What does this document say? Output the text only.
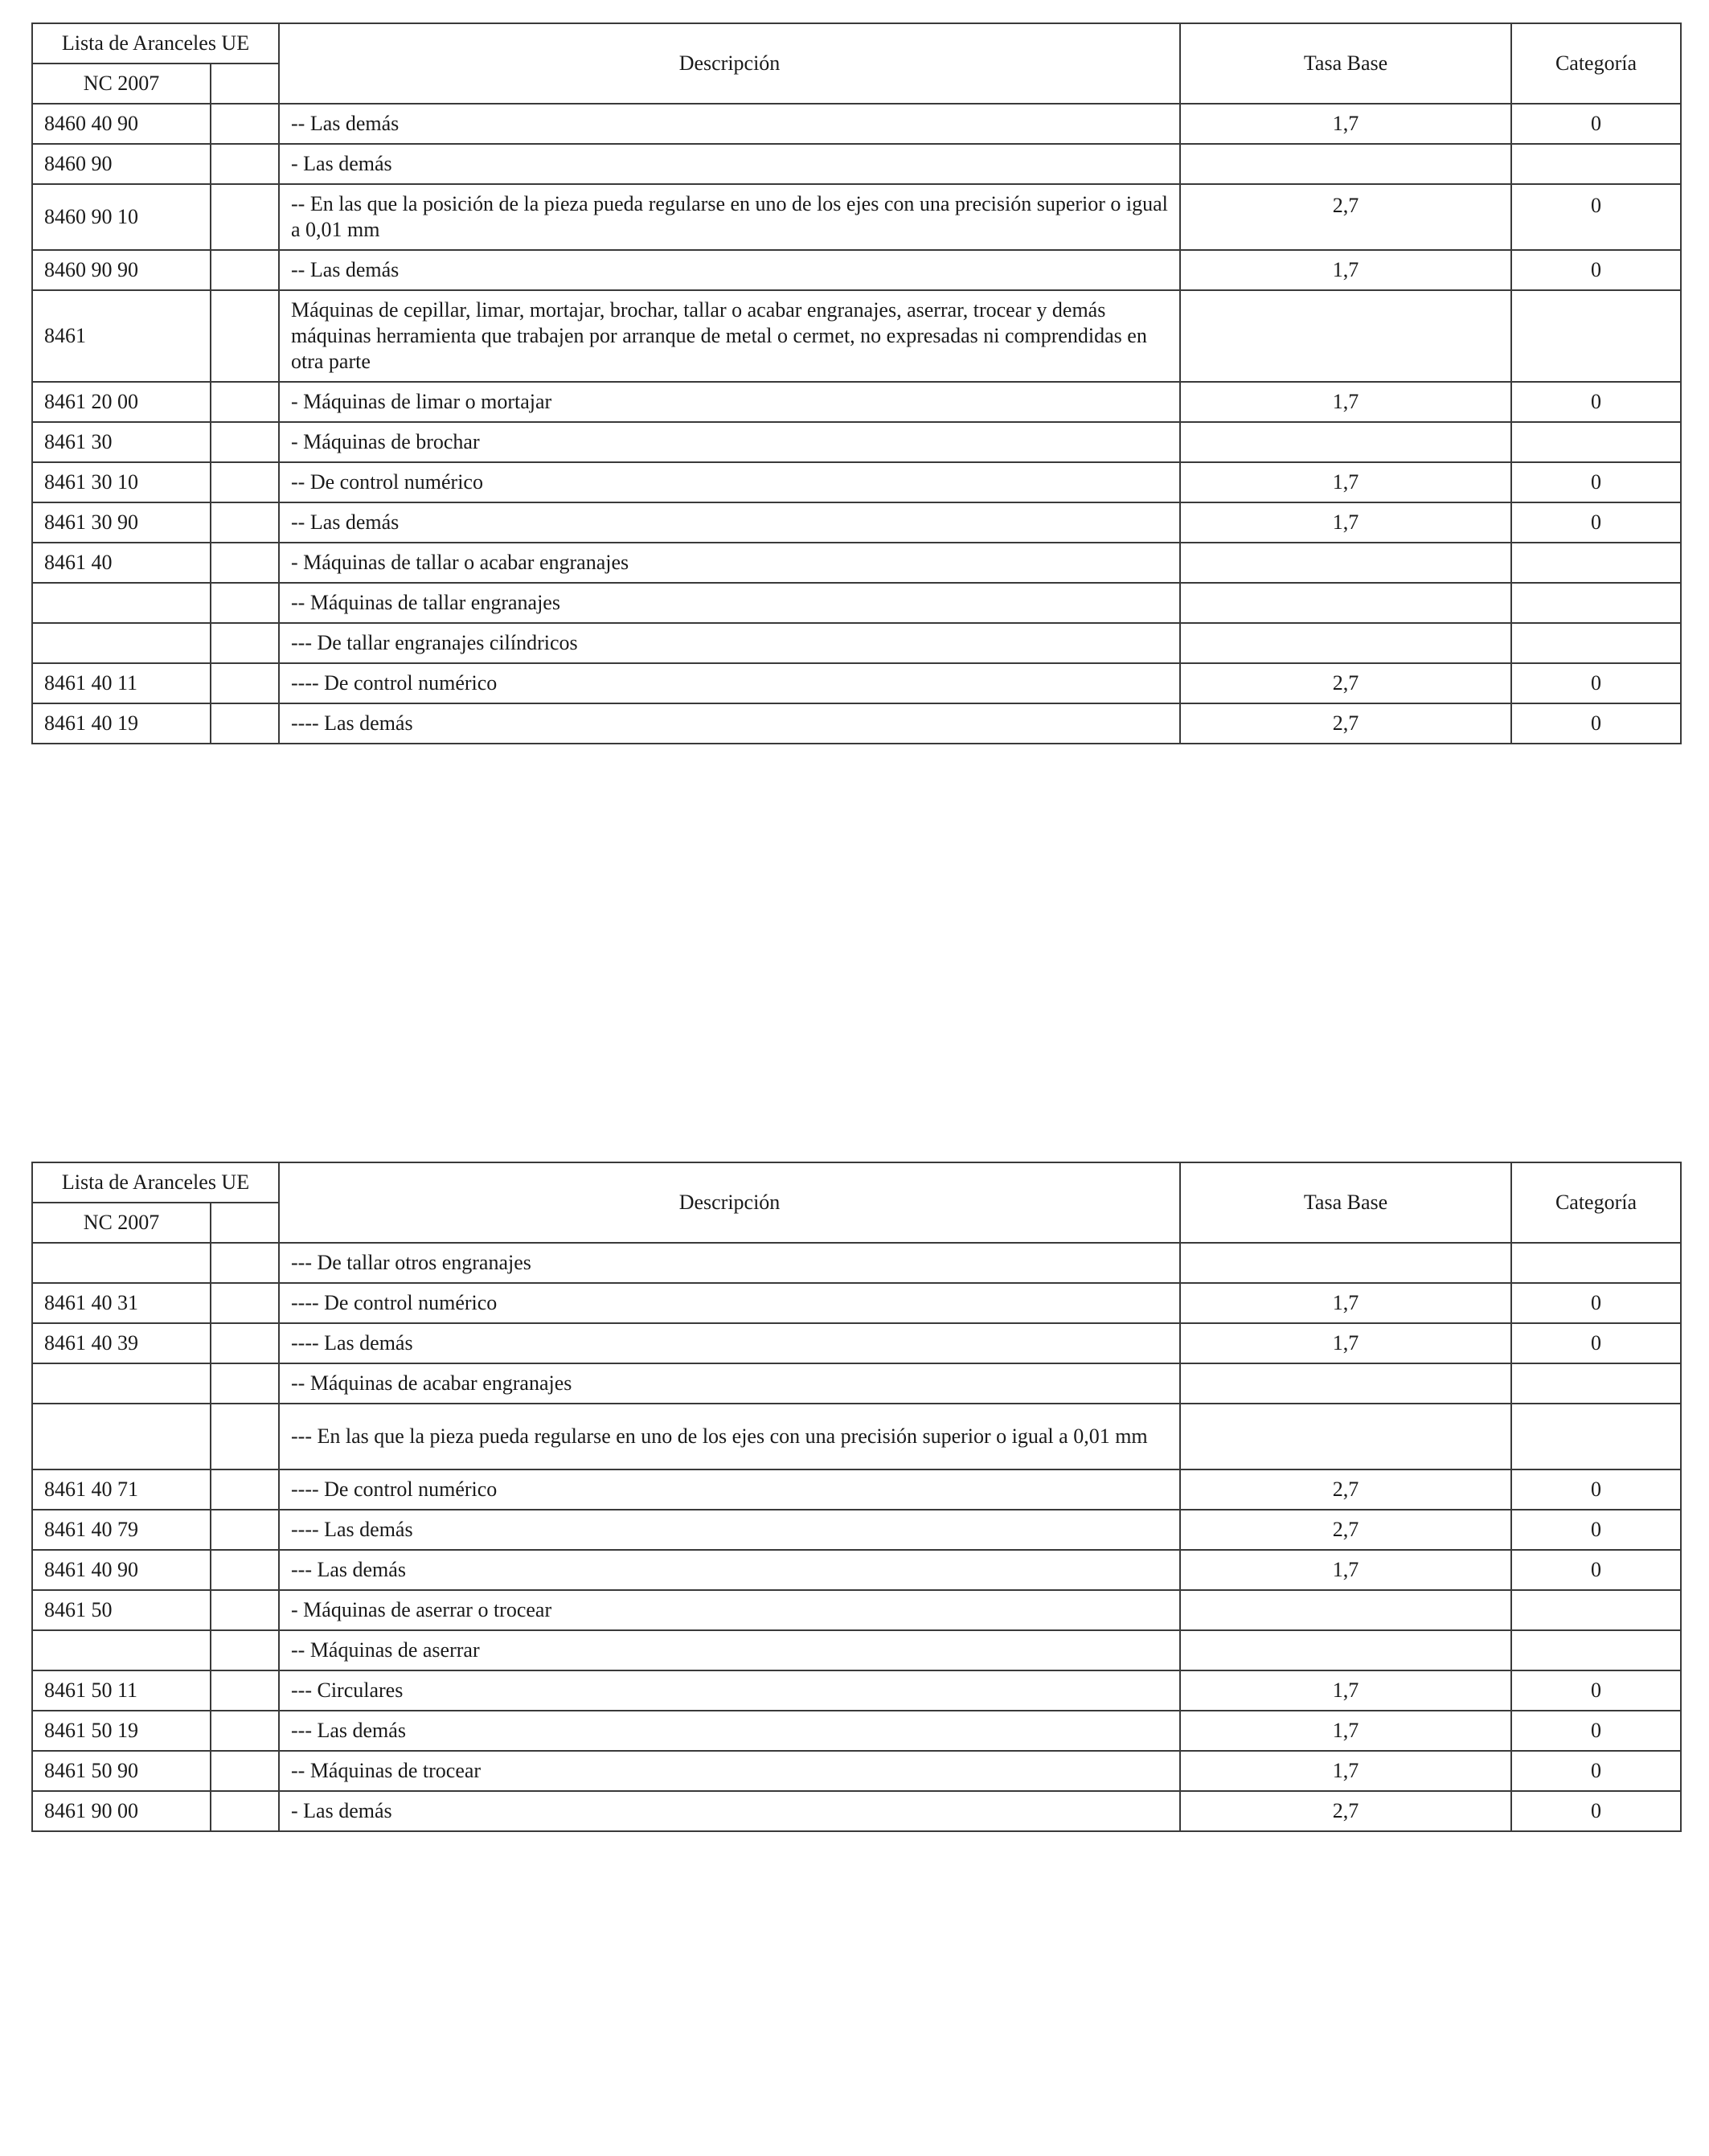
Lista de Aranceles UE		Descripción	Tasa Base	Categoría
NC 2007				
8460 40 90		-- Las demás	1,7	0
8460 90		- Las demás		
8460 90 10		-- En las que la posición de la pieza pueda regularse en uno de los ejes con una precisión superior o igual a 0,01 mm	2,7	0
8460 90 90		-- Las demás	1,7	0
8461		Máquinas de cepillar, limar, mortajar, brochar, tallar o acabar engranajes, aserrar, trocear y demás máquinas herramienta que trabajen por arranque de metal o cermet, no expresadas ni comprendidas en otra parte		
8461 20 00		- Máquinas de limar o mortajar	1,7	0
8461 30		- Máquinas de brochar		
8461 30 10		-- De control numérico	1,7	0
8461 30 90		-- Las demás	1,7	0
8461 40		- Máquinas de tallar o acabar engranajes		
		-- Máquinas de tallar engranajes		
		--- De tallar engranajes cilíndricos		
8461 40 11		---- De control numérico	2,7	0
8461 40 19		---- Las demás	2,7	0
Lista de Aranceles UE		Descripción	Tasa Base	Categoría
NC 2007				
		--- De tallar otros engranajes		
8461 40 31		---- De control numérico	1,7	0
8461 40 39		---- Las demás	1,7	0
		-- Máquinas de acabar engranajes		
		--- En las que la pieza pueda regularse en uno de los ejes con una precisión superior o igual a 0,01 mm		
8461 40 71		---- De control numérico	2,7	0
8461 40 79		---- Las demás	2,7	0
8461 40 90		--- Las demás	1,7	0
8461 50		- Máquinas de aserrar o trocear		
		-- Máquinas de aserrar		
8461 50 11		--- Circulares	1,7	0
8461 50 19		--- Las demás	1,7	0
8461 50 90		-- Máquinas de trocear	1,7	0
8461 90 00		- Las demás	2,7	0
